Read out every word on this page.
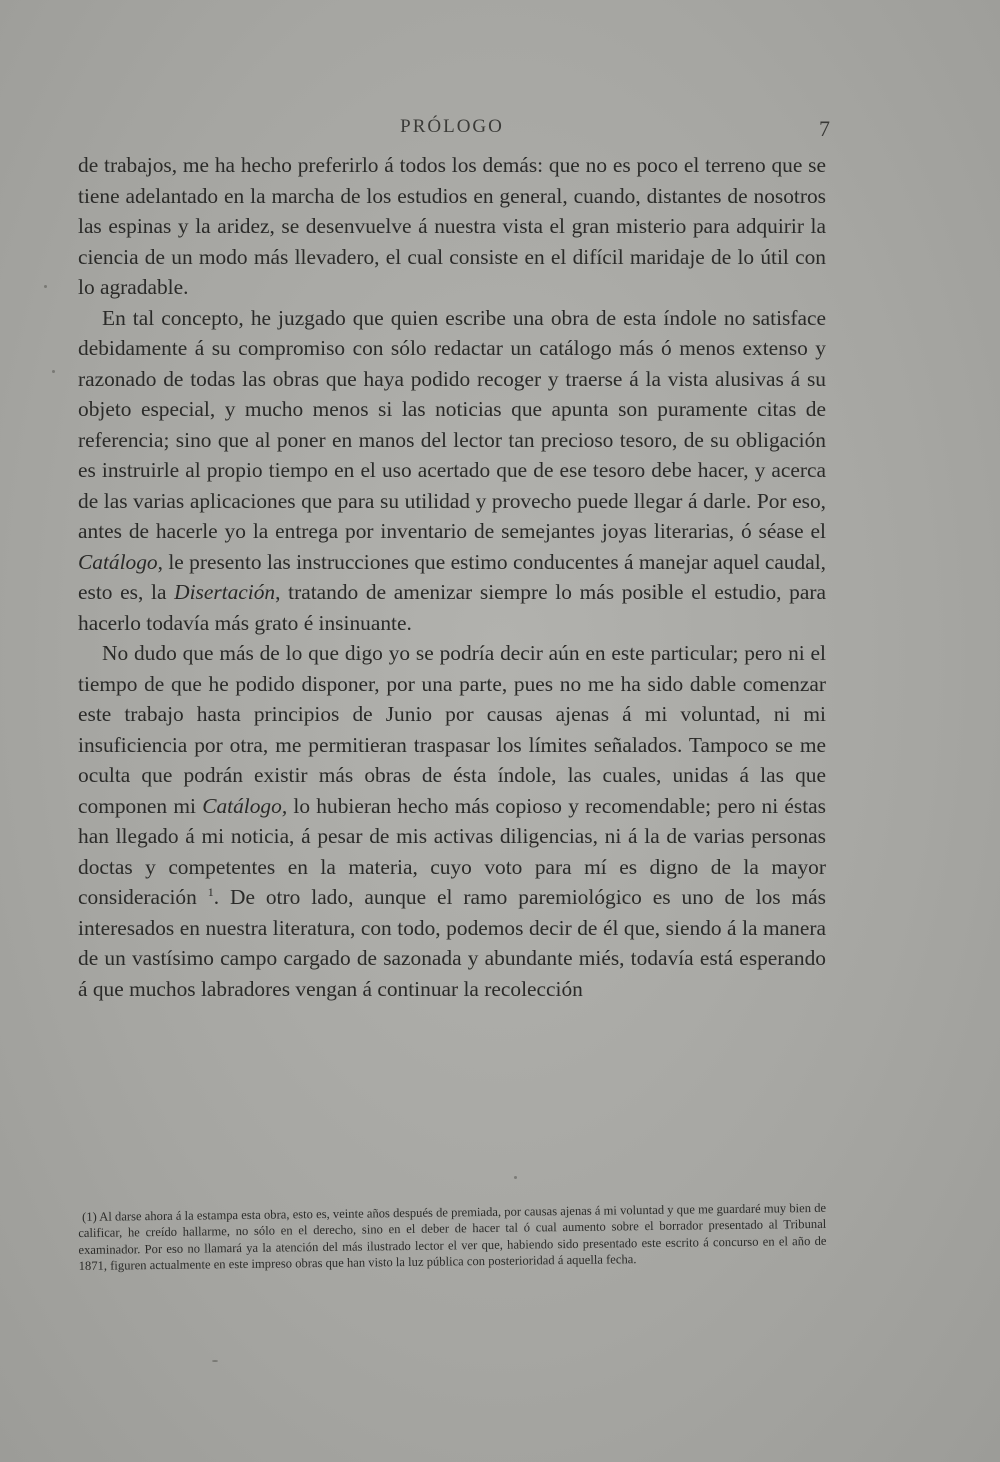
PRÓLOGO	7

de trabajos, me ha hecho preferirlo á todos los demás: que no es poco el terreno que se tiene adelantado en la marcha de los estudios en general, cuando, distantes de nosotros las espinas y la aridez, se desenvuelve á nuestra vista el gran misterio para adquirir la ciencia de un modo más llevadero, el cual consiste en el difícil maridaje de lo útil con lo agradable.

En tal concepto, he juzgado que quien escribe una obra de esta índole no satisface debidamente á su compromiso con sólo redactar un catálogo más ó menos extenso y razonado de todas las obras que haya podido recoger y traerse á la vista alusivas á su objeto especial, y mucho menos si las noticias que apunta son puramente citas de referencia; sino que al poner en manos del lector tan precioso tesoro, de su obligación es instruirle al propio tiempo en el uso acertado que de ese tesoro debe hacer, y acerca de las varias aplicaciones que para su utilidad y provecho puede llegar á darle. Por eso, antes de hacerle yo la entrega por inventario de semejantes joyas literarias, ó séase el Catálogo, le presento las instrucciones que estimo conducentes á manejar aquel caudal, esto es, la Disertación, tratando de amenizar siempre lo más posible el estudio, para hacerlo todavía más grato é insinuante.

No dudo que más de lo que digo yo se podría decir aún en este particular; pero ni el tiempo de que he podido disponer, por una parte, pues no me ha sido dable comenzar este trabajo hasta principios de Junio por causas ajenas á mi voluntad, ni mi insuficiencia por otra, me permitieran traspasar los límites señalados. Tampoco se me oculta que podrán existir más obras de ésta índole, las cuales, unidas á las que componen mi Catálogo, lo hubieran hecho más copioso y recomendable; pero ni éstas han llegado á mi noticia, á pesar de mis activas diligencias, ni á la de varias personas doctas y competentes en la materia, cuyo voto para mí es digno de la mayor consideración $^1$. De otro lado, aunque el ramo paremiológico es uno de los más interesados en nuestra literatura, con todo, podemos decir de él que, siendo á la manera de un vastísimo campo cargado de sazonada y abundante miés, todavía está esperando á que muchos labradores vengan á continuar la recolección

(1) Al darse ahora á la estampa esta obra, esto es, veinte años después de premiada, por causas ajenas á mi voluntad y que me guardaré muy bien de calificar, he creído hallarme, no sólo en el derecho, sino en el deber de hacer tal ó cual aumento sobre el borrador presentado al Tribunal examinador. Por eso no llamará ya la atención del más ilustrado lector el ver que, habiendo sido presentado este escrito á concurso en el año de 1871, figuren actualmente en este impreso obras que han visto la luz pública con posterioridad á aquella fecha.
